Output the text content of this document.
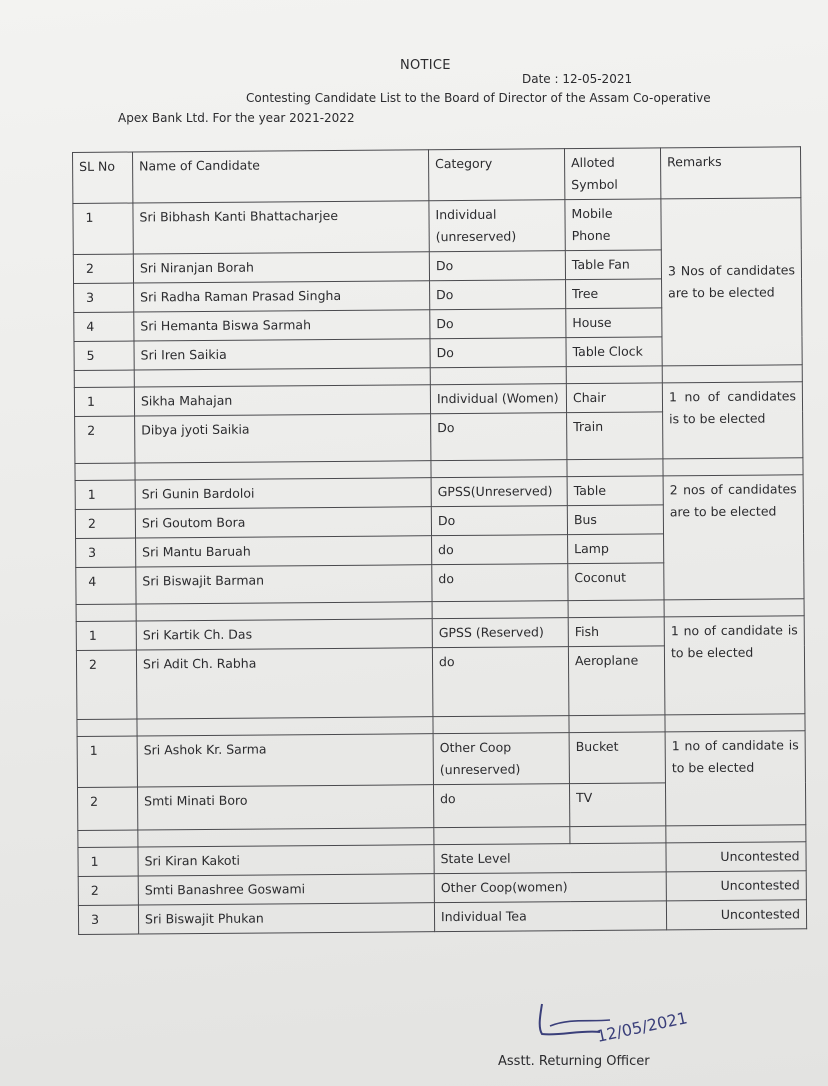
NOTICE
Date : 12-05-2021
Contesting Candidate List to the Board of Director of the Assam Co-operative
Apex Bank Ltd. For the year 2021-2022
SL No	Name of Candidate	Category	Alloted Symbol	Remarks
1	Sri Bibhash Kanti Bhattacharjee	Individual (unreserved)	Mobile Phone	3 Nos of candidates are to be elected
2	Sri Niranjan Borah	Do	Table Fan	
3	Sri Radha Raman Prasad Singha	Do	Tree	
4	Sri Hemanta Biswa Sarmah	Do	House	
5	Sri Iren Saikia	Do	Table Clock	

1	Sikha Mahajan	Individual (Women)	Chair	1 no of candidates is to be elected
2	Dibya jyoti Saikia	Do	Train	

1	Sri Gunin Bardoloi	GPSS(Unreserved)	Table	2 nos of candidates are to be elected
2	Sri Goutom Bora	Do	Bus	
3	Sri Mantu Baruah	do	Lamp	
4	Sri Biswajit Barman	do	Coconut	

1	Sri Kartik Ch. Das	GPSS (Reserved)	Fish	1 no of candidate is to be elected
2	Sri Adit Ch. Rabha	do	Aeroplane	

1	Sri Ashok Kr. Sarma	Other Coop (unreserved)	Bucket	1 no of candidate is to be elected
2	Smti Minati Boro	do	TV	

1	Sri Kiran Kakoti	State Level		Uncontested
2	Smti Banashree Goswami	Other Coop(women)		Uncontested
3	Sri Biswajit Phukan	Individual Tea		Uncontested
12/05/2021
Asstt. Returning Officer
